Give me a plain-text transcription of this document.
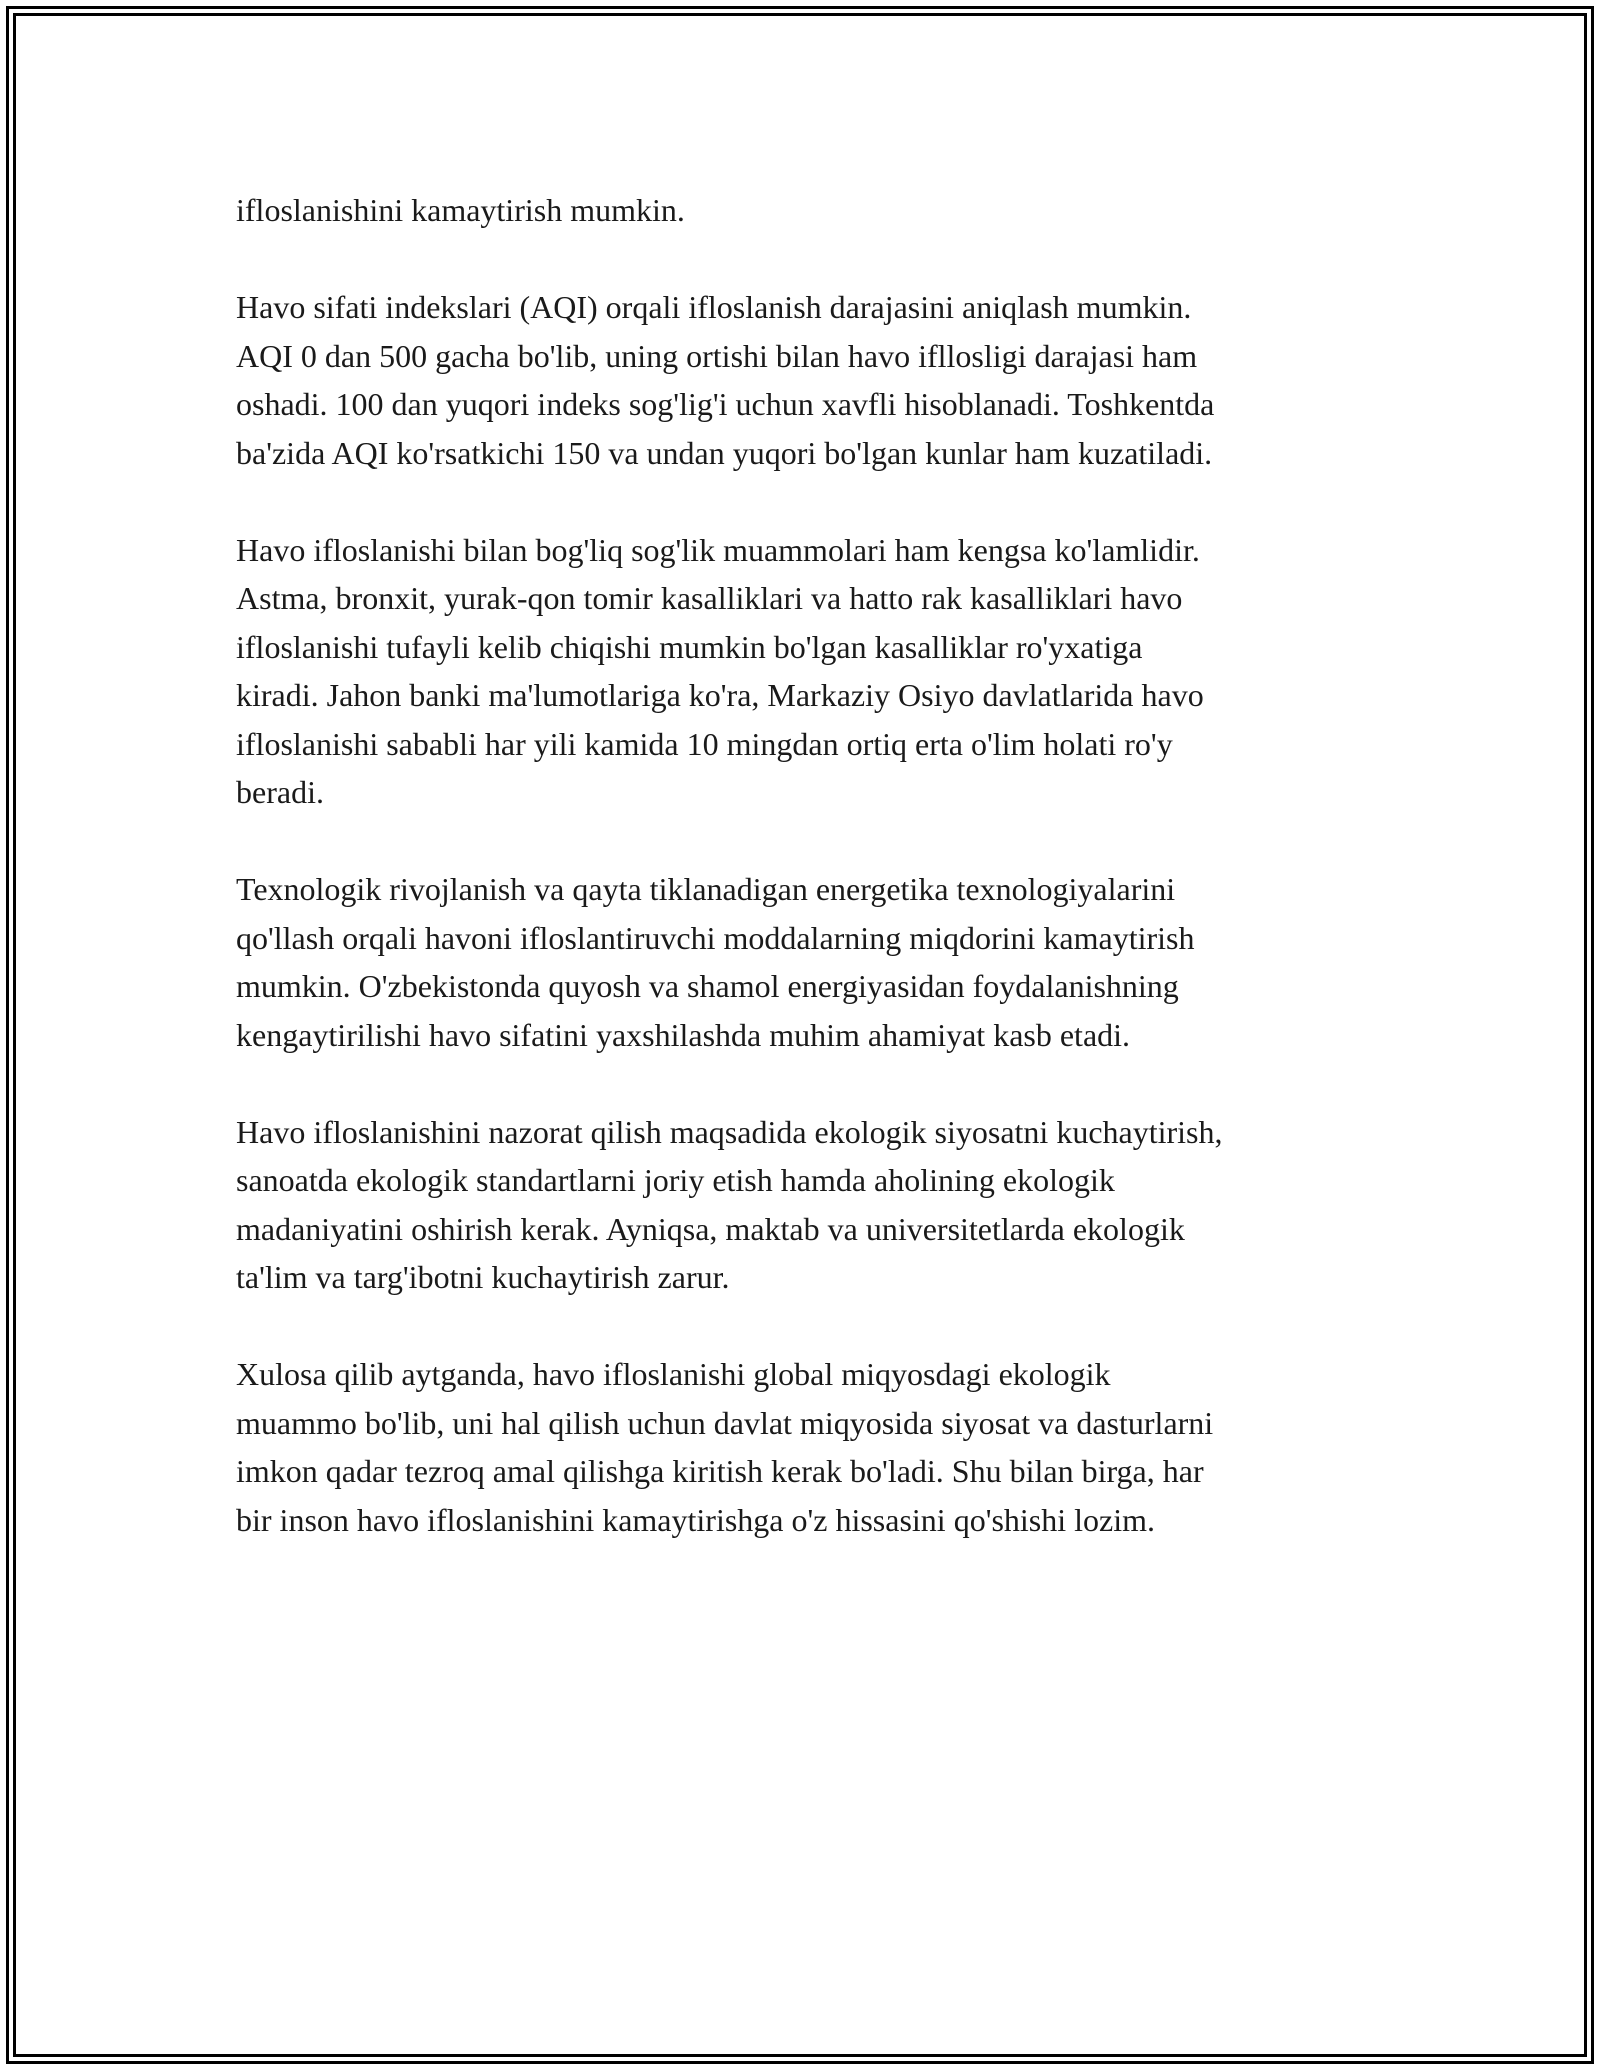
ifloslanishini kamaytirish mumkin.

Havo sifati indekslari (AQI) orqali ifloslanish darajasini aniqlash mumkin.
AQI 0 dan 500 gacha bo'lib, uning ortishi bilan havo ifllosligi darajasi ham
oshadi. 100 dan yuqori indeks sog'lig'i uchun xavfli hisoblanadi. Toshkentda
ba'zida AQI ko'rsatkichi 150 va undan yuqori bo'lgan kunlar ham kuzatiladi.

Havo ifloslanishi bilan bog'liq sog'lik muammolari ham kengsa ko'lamlidir.
Astma, bronxit, yurak-qon tomir kasalliklari va hatto rak kasalliklari havo
ifloslanishi tufayli kelib chiqishi mumkin bo'lgan kasalliklar ro'yxatiga
kiradi. Jahon banki ma'lumotlariga ko'ra, Markaziy Osiyo davlatlarida havo
ifloslanishi sababli har yili kamida 10 mingdan ortiq erta o'lim holati ro'y
beradi.

Texnologik rivojlanish va qayta tiklanadigan energetika texnologiyalarini
qo'llash orqali havoni ifloslantiruvchi moddalarning miqdorini kamaytirish
mumkin. O'zbekistonda quyosh va shamol energiyasidan foydalanishning
kengaytirilishi havo sifatini yaxshilashda muhim ahamiyat kasb etadi.

Havo ifloslanishini nazorat qilish maqsadida ekologik siyosatni kuchaytirish,
sanoatda ekologik standartlarni joriy etish hamda aholining ekologik
madaniyatini oshirish kerak. Ayniqsa, maktab va universitetlarda ekologik
ta'lim va targ'ibotni kuchaytirish zarur.

Xulosa qilib aytganda, havo ifloslanishi global miqyosdagi ekologik
muammo bo'lib, uni hal qilish uchun davlat miqyosida siyosat va dasturlarni
imkon qadar tezroq amal qilishga kiritish kerak bo'ladi. Shu bilan birga, har
bir inson havo ifloslanishini kamaytirishga o'z hissasini qo'shishi lozim.
